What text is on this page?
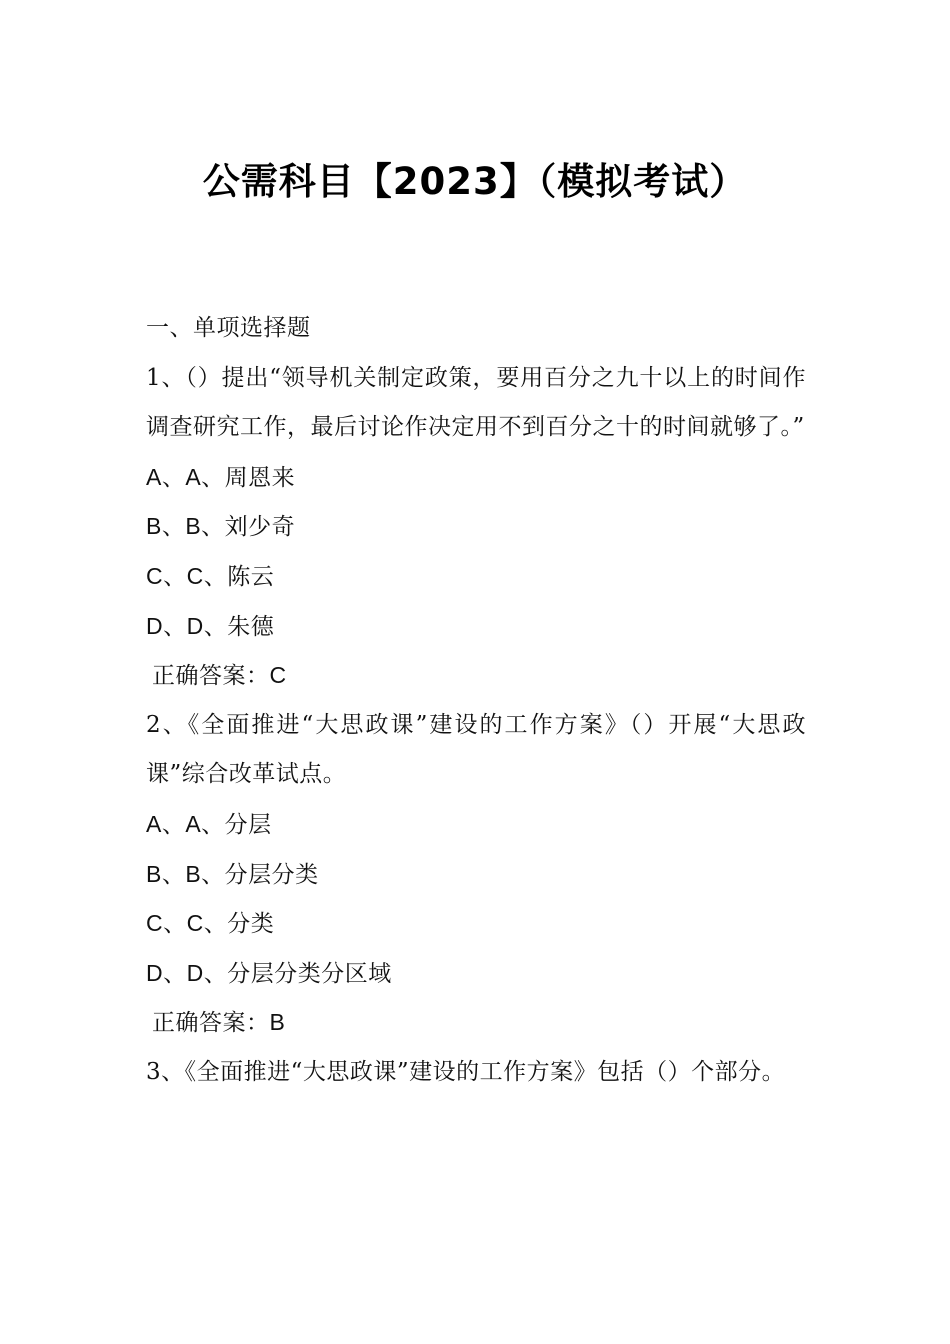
公需科目【2023】（模拟考试）
一、单项选择题
1、（）提出“领导机关制定政策，要用百分之九十以上的时间作调查研究工作，最后讨论作决定用不到百分之十的时间就够了。”
A、A、周恩来
B、B、刘少奇
C、C、陈云
D、D、朱德
正确答案：C
2、《全面推进“大思政课”建设的工作方案》（）开展“大思政课”综合改革试点。
A、A、分层
B、B、分层分类
C、C、分类
D、D、分层分类分区域
正确答案：B
3、《全面推进“大思政课”建设的工作方案》包括（）个部分。
